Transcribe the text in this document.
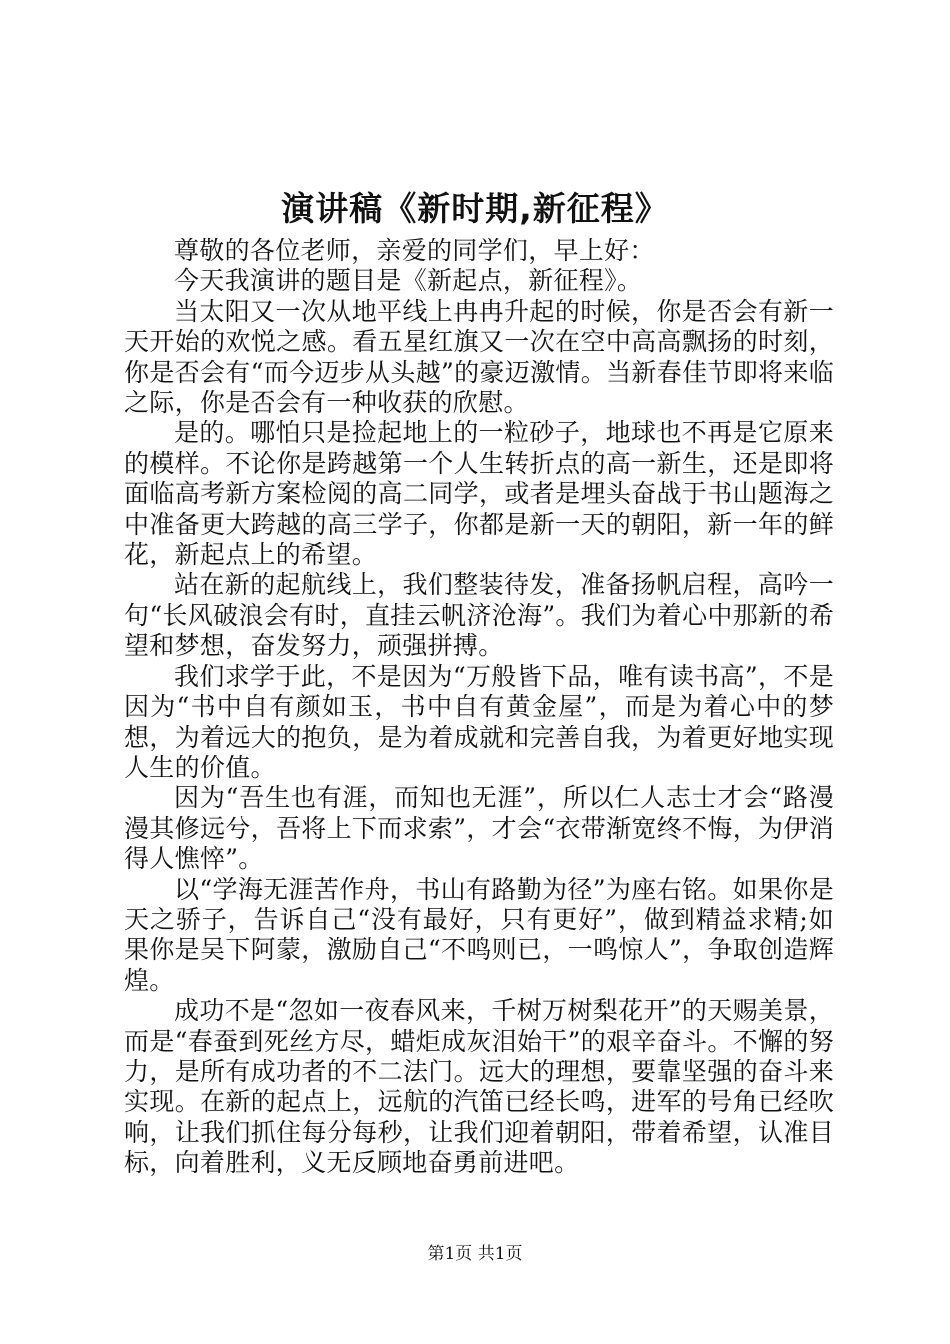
演讲稿《新时期,新征程》

尊敬的各位老师，亲爱的同学们，早上好：

今天我演讲的题目是《新起点，新征程》。

当太阳又一次从地平线上冉冉升起的时候，你是否会有新一天开始的欢悦之感。看五星红旗又一次在空中高高飘扬的时刻，你是否会有“而今迈步从头越”的豪迈激情。当新春佳节即将来临之际，你是否会有一种收获的欣慰。

是的。哪怕只是捡起地上的一粒砂子，地球也不再是它原来的模样。不论你是跨越第一个人生转折点的高一新生，还是即将面临高考新方案检阅的高二同学，或者是埋头奋战于书山题海之中准备更大跨越的高三学子，你都是新一天的朝阳，新一年的鲜花，新起点上的希望。

站在新的起航线上，我们整装待发，准备扬帆启程，高吟一句“长风破浪会有时，直挂云帆济沧海”。我们为着心中那新的希望和梦想，奋发努力，顽强拼搏。

我们求学于此，不是因为“万般皆下品，唯有读书高”，不是因为“书中自有颜如玉，书中自有黄金屋”，而是为着心中的梦想，为着远大的抱负，是为着成就和完善自我，为着更好地实现人生的价值。

因为“吾生也有涯，而知也无涯”，所以仁人志士才会“路漫漫其修远兮，吾将上下而求索”，才会“衣带渐宽终不悔，为伊消得人憔悴”。

以“学海无涯苦作舟，书山有路勤为径”为座右铭。如果你是天之骄子，告诉自己“没有最好，只有更好”，做到精益求精;如果你是吴下阿蒙，激励自己“不鸣则已，一鸣惊人”，争取创造辉煌。

成功不是“忽如一夜春风来，千树万树梨花开”的天赐美景，而是“春蚕到死丝方尽，蜡炬成灰泪始干”的艰辛奋斗。不懈的努力，是所有成功者的不二法门。远大的理想，要靠坚强的奋斗来实现。在新的起点上，远航的汽笛已经长鸣，进军的号角已经吹响，让我们抓住每分每秒，让我们迎着朝阳，带着希望，认准目标，向着胜利，义无反顾地奋勇前进吧。

第1页 共1页
